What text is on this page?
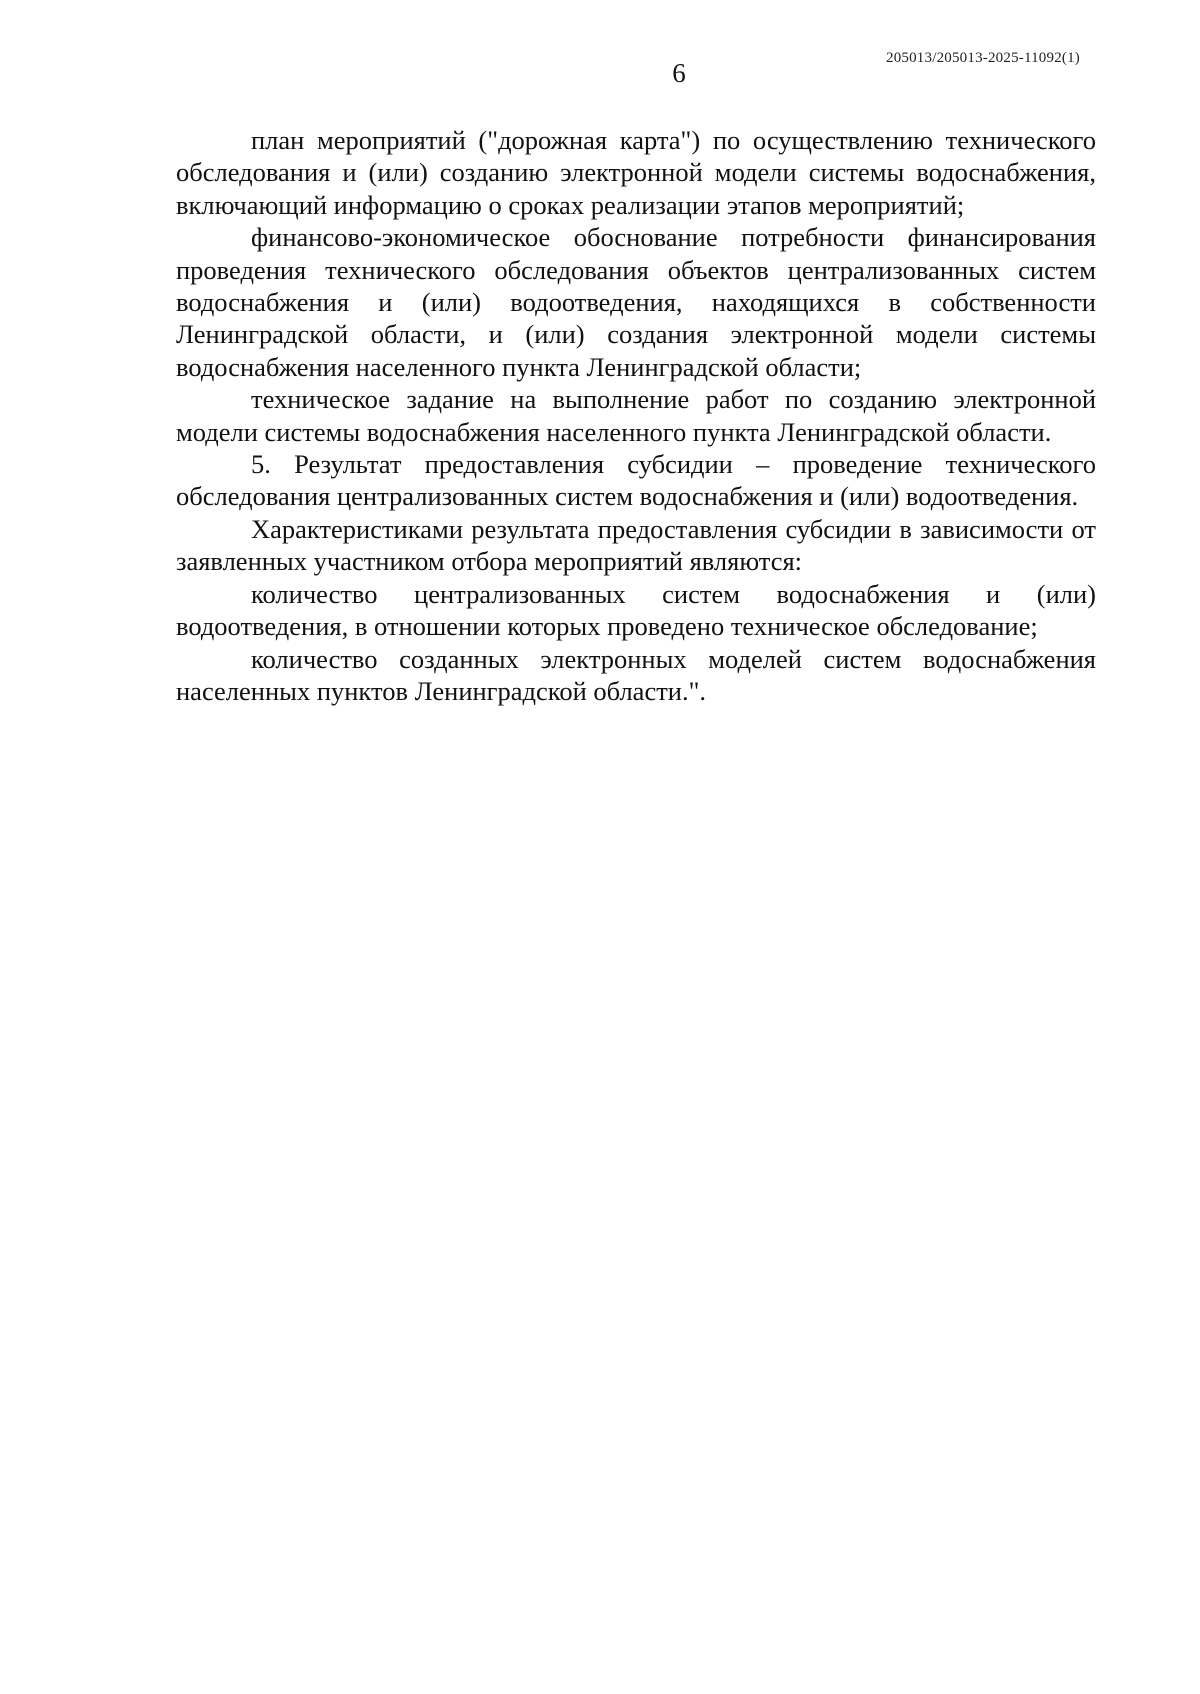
205013/205013-2025-11092(1)

6

план мероприятий ("дорожная карта") по осуществлению технического обследования и (или) созданию электронной модели системы водоснабжения, включающий информацию о сроках реализации этапов мероприятий;

финансово-экономическое обоснование потребности финансирования проведения технического обследования объектов централизованных систем водоснабжения и (или) водоотведения, находящихся в собственности Ленинградской области, и (или) создания электронной модели системы водоснабжения населенного пункта Ленинградской области;

техническое задание на выполнение работ по созданию электронной модели системы водоснабжения населенного пункта Ленинградской области.

5. Результат предоставления субсидии – проведение технического обследования централизованных систем водоснабжения и (или) водоотведения.

Характеристиками результата предоставления субсидии в зависимости от заявленных участником отбора мероприятий являются:

количество централизованных систем водоснабжения и (или) водоотведения, в отношении которых проведено техническое обследование;

количество созданных электронных моделей систем водоснабжения населенных пунктов Ленинградской области.".
